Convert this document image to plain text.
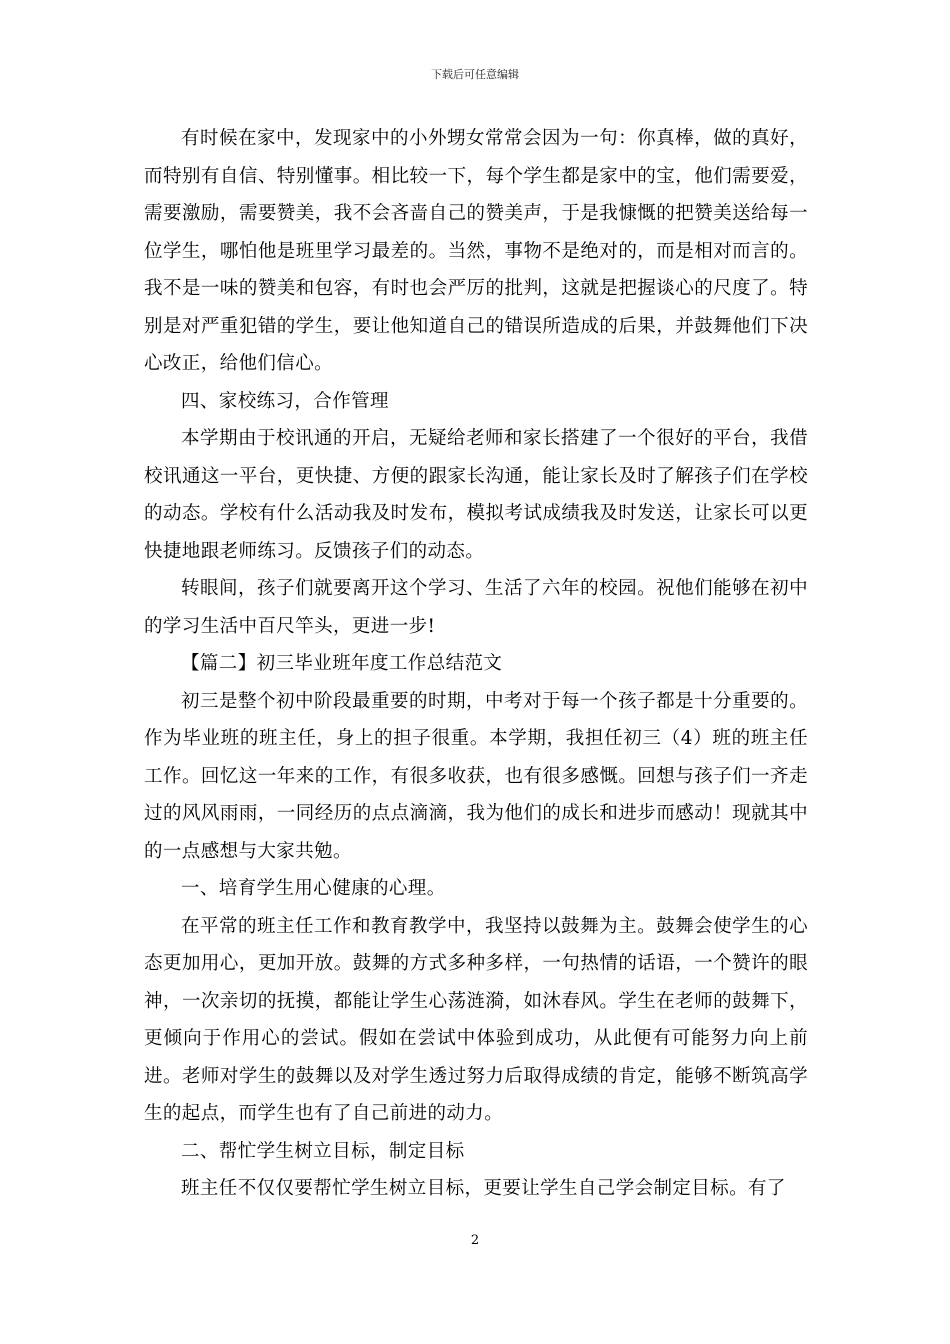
下载后可任意编辑

有时候在家中，发现家中的小外甥女常常会因为一句：你真棒，做的真好，而特别有自信、特别懂事。相比较一下，每个学生都是家中的宝，他们需要爱，需要激励，需要赞美，我不会吝啬自己的赞美声，于是我慷慨的把赞美送给每一位学生，哪怕他是班里学习最差的。当然，事物不是绝对的，而是相对而言的。我不是一味的赞美和包容，有时也会严厉的批判，这就是把握谈心的尺度了。特别是对严重犯错的学生，要让他知道自己的错误所造成的后果，并鼓舞他们下决心改正，给他们信心。

四、家校练习，合作管理

本学期由于校讯通的开启，无疑给老师和家长搭建了一个很好的平台，我借校讯通这一平台，更快捷、方便的跟家长沟通，能让家长及时了解孩子们在学校的动态。学校有什么活动我及时发布，模拟考试成绩我及时发送，让家长可以更快捷地跟老师练习。反馈孩子们的动态。

转眼间，孩子们就要离开这个学习、生活了六年的校园。祝他们能够在初中的学习生活中百尺竿头，更进一步!

【篇二】初三毕业班年度工作总结范文

初三是整个初中阶段最重要的时期，中考对于每一个孩子都是十分重要的。作为毕业班的班主任，身上的担子很重。本学期，我担任初三（4）班的班主任工作。回忆这一年来的工作，有很多收获，也有很多感慨。回想与孩子们一齐走过的风风雨雨，一同经历的点点滴滴，我为他们的成长和进步而感动！现就其中的一点感想与大家共勉。

一、培育学生用心健康的心理。

在平常的班主任工作和教育教学中，我坚持以鼓舞为主。鼓舞会使学生的心态更加用心，更加开放。鼓舞的方式多种多样，一句热情的话语，一个赞许的眼神，一次亲切的抚摸，都能让学生心荡涟漪，如沐春风。学生在老师的鼓舞下，更倾向于作用心的尝试。假如在尝试中体验到成功，从此便有可能努力向上前进。老师对学生的鼓舞以及对学生透过努力后取得成绩的肯定，能够不断筑高学生的起点，而学生也有了自己前进的动力。

二、帮忙学生树立目标，制定目标

班主任不仅仅要帮忙学生树立目标，更要让学生自己学会制定目标。有了

2
